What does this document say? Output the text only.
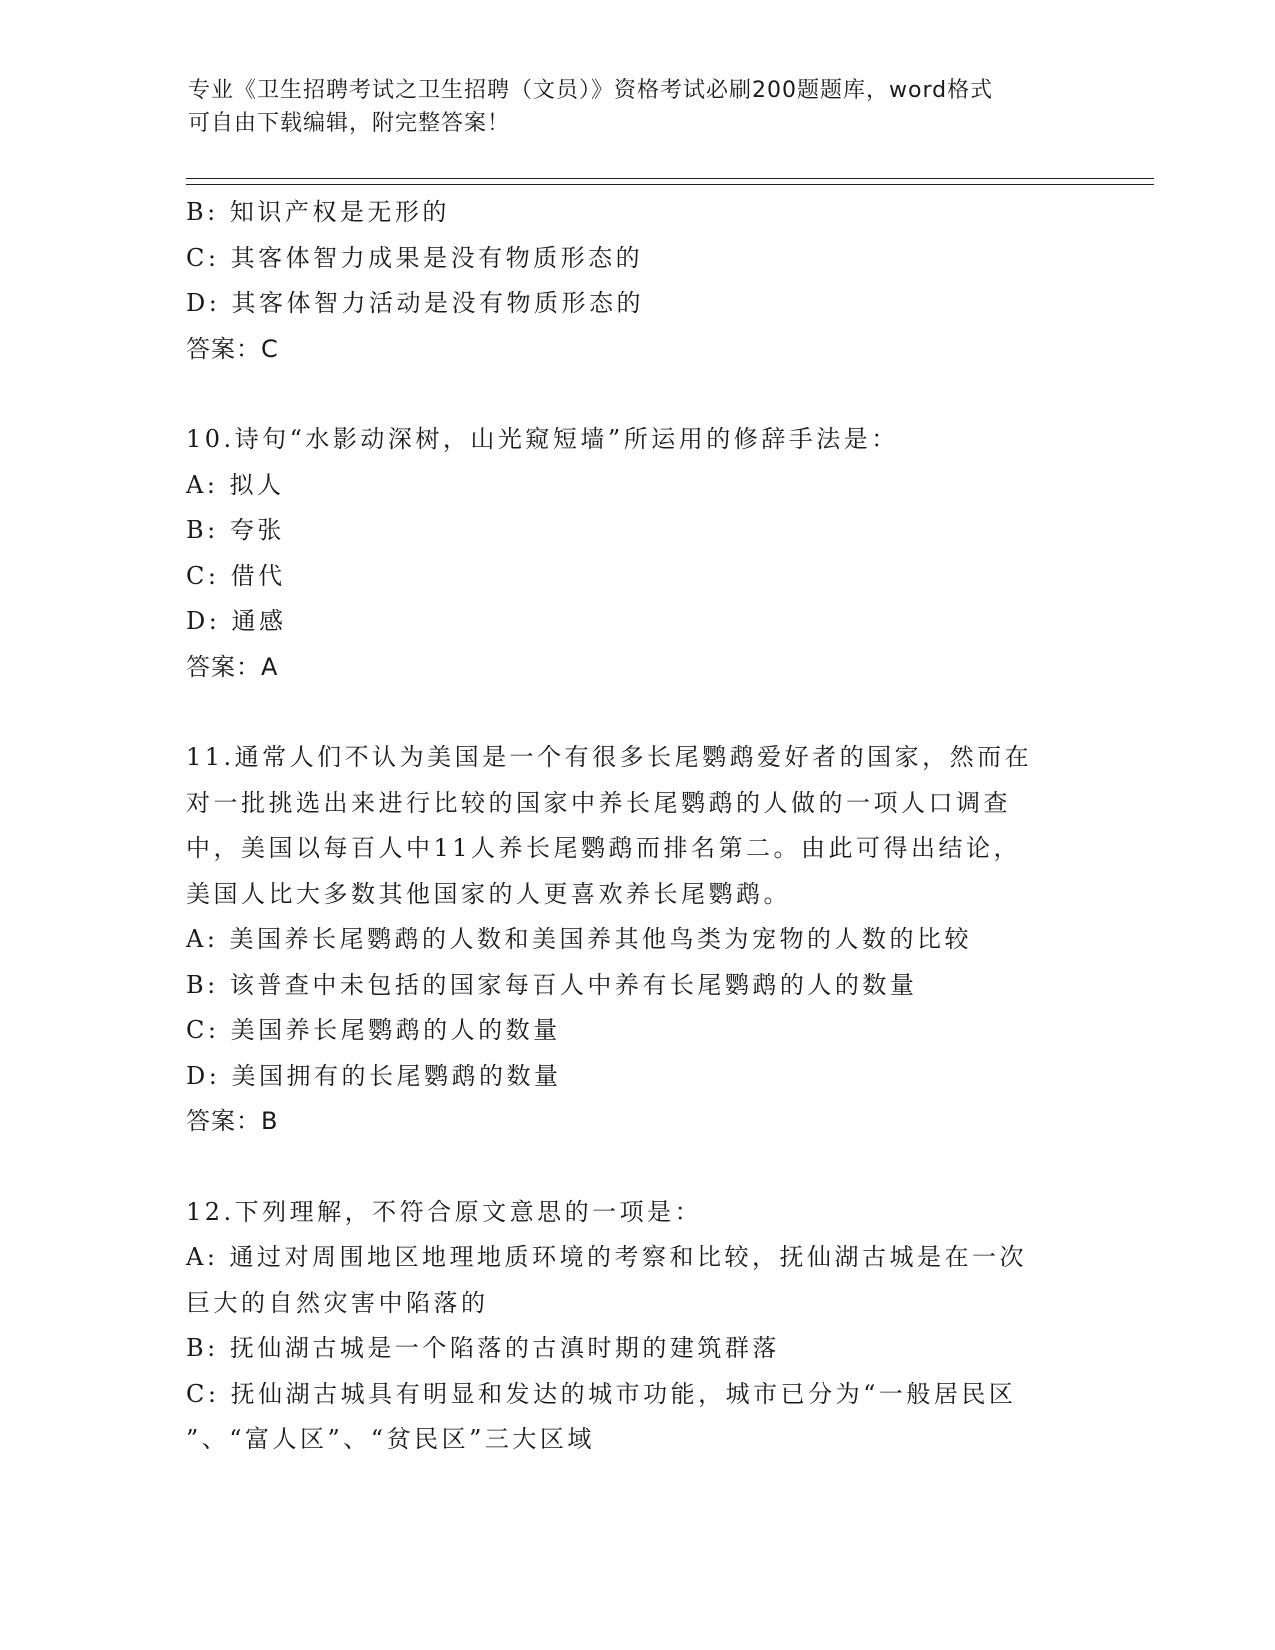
专业《卫生招聘考试之卫生招聘（文员）》资格考试必刷200题题库，word格式
可自由下载编辑，附完整答案！
B: 知识产权是无形的
C: 其客体智力成果是没有物质形态的
D: 其客体智力活动是没有物质形态的
答案：C
10.诗句“水影动深树，山光窥短墙”所运用的修辞手法是：
A: 拟人
B: 夸张
C: 借代
D: 通感
答案：A
11.通常人们不认为美国是一个有很多长尾鹦鹉爱好者的国家，然而在
对一批挑选出来进行比较的国家中养长尾鹦鹉的人做的一项人口调查
中，美国以每百人中11人养长尾鹦鹉而排名第二。由此可得出结论，
美国人比大多数其他国家的人更喜欢养长尾鹦鹉。
A: 美国养长尾鹦鹉的人数和美国养其他鸟类为宠物的人数的比较
B: 该普查中未包括的国家每百人中养有长尾鹦鹉的人的数量
C: 美国养长尾鹦鹉的人的数量
D: 美国拥有的长尾鹦鹉的数量
答案：B
12.下列理解，不符合原文意思的一项是：
A: 通过对周围地区地理地质环境的考察和比较，抚仙湖古城是在一次
巨大的自然灾害中陷落的
B: 抚仙湖古城是一个陷落的古滇时期的建筑群落
C: 抚仙湖古城具有明显和发达的城市功能，城市已分为“一般居民区
”、“富人区”、“贫民区”三大区域
